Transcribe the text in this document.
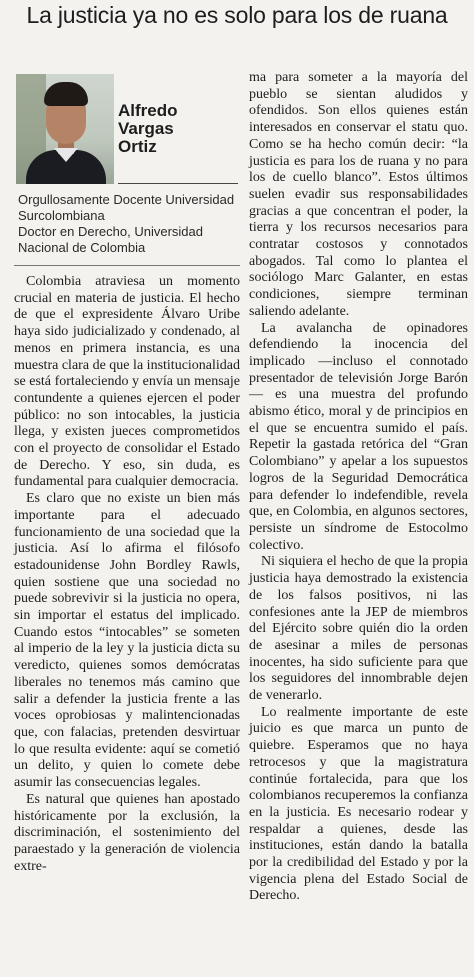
La justicia ya no es solo para los de ruana
Alfredo
Vargas
Ortiz
Orgullosamente Docente Universidad Surcolombiana
Doctor en Derecho, Universidad Nacional de Colombia

Colombia atraviesa un momento crucial en materia de justicia. El hecho de que el expresidente Álvaro Uribe haya sido judicializado y condenado, al menos en primera instancia, es una muestra clara de que la institucionalidad se está fortaleciendo y envía un mensaje contundente a quienes ejercen el poder público: no son intocables, la justicia llega, y existen jueces comprometidos con el proyecto de consolidar el Estado de Derecho. Y eso, sin duda, es fundamental para cualquier democracia.

Es claro que no existe un bien más importante para el adecuado funcionamiento de una sociedad que la justicia. Así lo afirma el filósofo estadounidense John Bordley Rawls, quien sostiene que una sociedad no puede sobrevivir si la justicia no opera, sin importar el estatus del implicado. Cuando estos “intocables” se someten al imperio de la ley y la justicia dicta su veredicto, quienes somos demócratas liberales no tenemos más camino que salir a defender la justicia frente a las voces oprobiosas y malintencionadas que, con falacias, pretenden desvirtuar lo que resulta evidente: aquí se cometió un delito, y quien lo comete debe asumir las consecuencias legales.

Es natural que quienes han apostado históricamente por la exclusión, la discriminación, el sostenimiento del paraestado y la generación de violencia extre-

ma para someter a la mayoría del pueblo se sientan aludidos y ofendidos. Son ellos quienes están interesados en conservar el statu quo. Como se ha hecho común decir: “la justicia es para los de ruana y no para los de cuello blanco”. Estos últimos suelen evadir sus responsabilidades gracias a que concentran el poder, la tierra y los recursos necesarios para contratar costosos y connotados abogados. Tal como lo plantea el sociólogo Marc Galanter, en estas condiciones, siempre terminan saliendo adelante.

La avalancha de opinadores defendiendo la inocencia del implicado —incluso el connotado presentador de televisión Jorge Barón— es una muestra del profundo abismo ético, moral y de principios en el que se encuentra sumido el país. Repetir la gastada retórica del “Gran Colombiano” y apelar a los supuestos logros de la Seguridad Democrática para defender lo indefendible, revela que, en Colombia, en algunos sectores, persiste un síndrome de Estocolmo colectivo.

Ni siquiera el hecho de que la propia justicia haya demostrado la existencia de los falsos positivos, ni las confesiones ante la JEP de miembros del Ejército sobre quién dio la orden de asesinar a miles de personas inocentes, ha sido suficiente para que los seguidores del innombrable dejen de venerarlo.

Lo realmente importante de este juicio es que marca un punto de quiebre. Esperamos que no haya retrocesos y que la magistratura continúe fortalecida, para que los colombianos recuperemos la confianza en la justicia. Es necesario rodear y respaldar a quienes, desde las instituciones, están dando la batalla por la credibilidad del Estado y por la vigencia plena del Estado Social de Derecho.
